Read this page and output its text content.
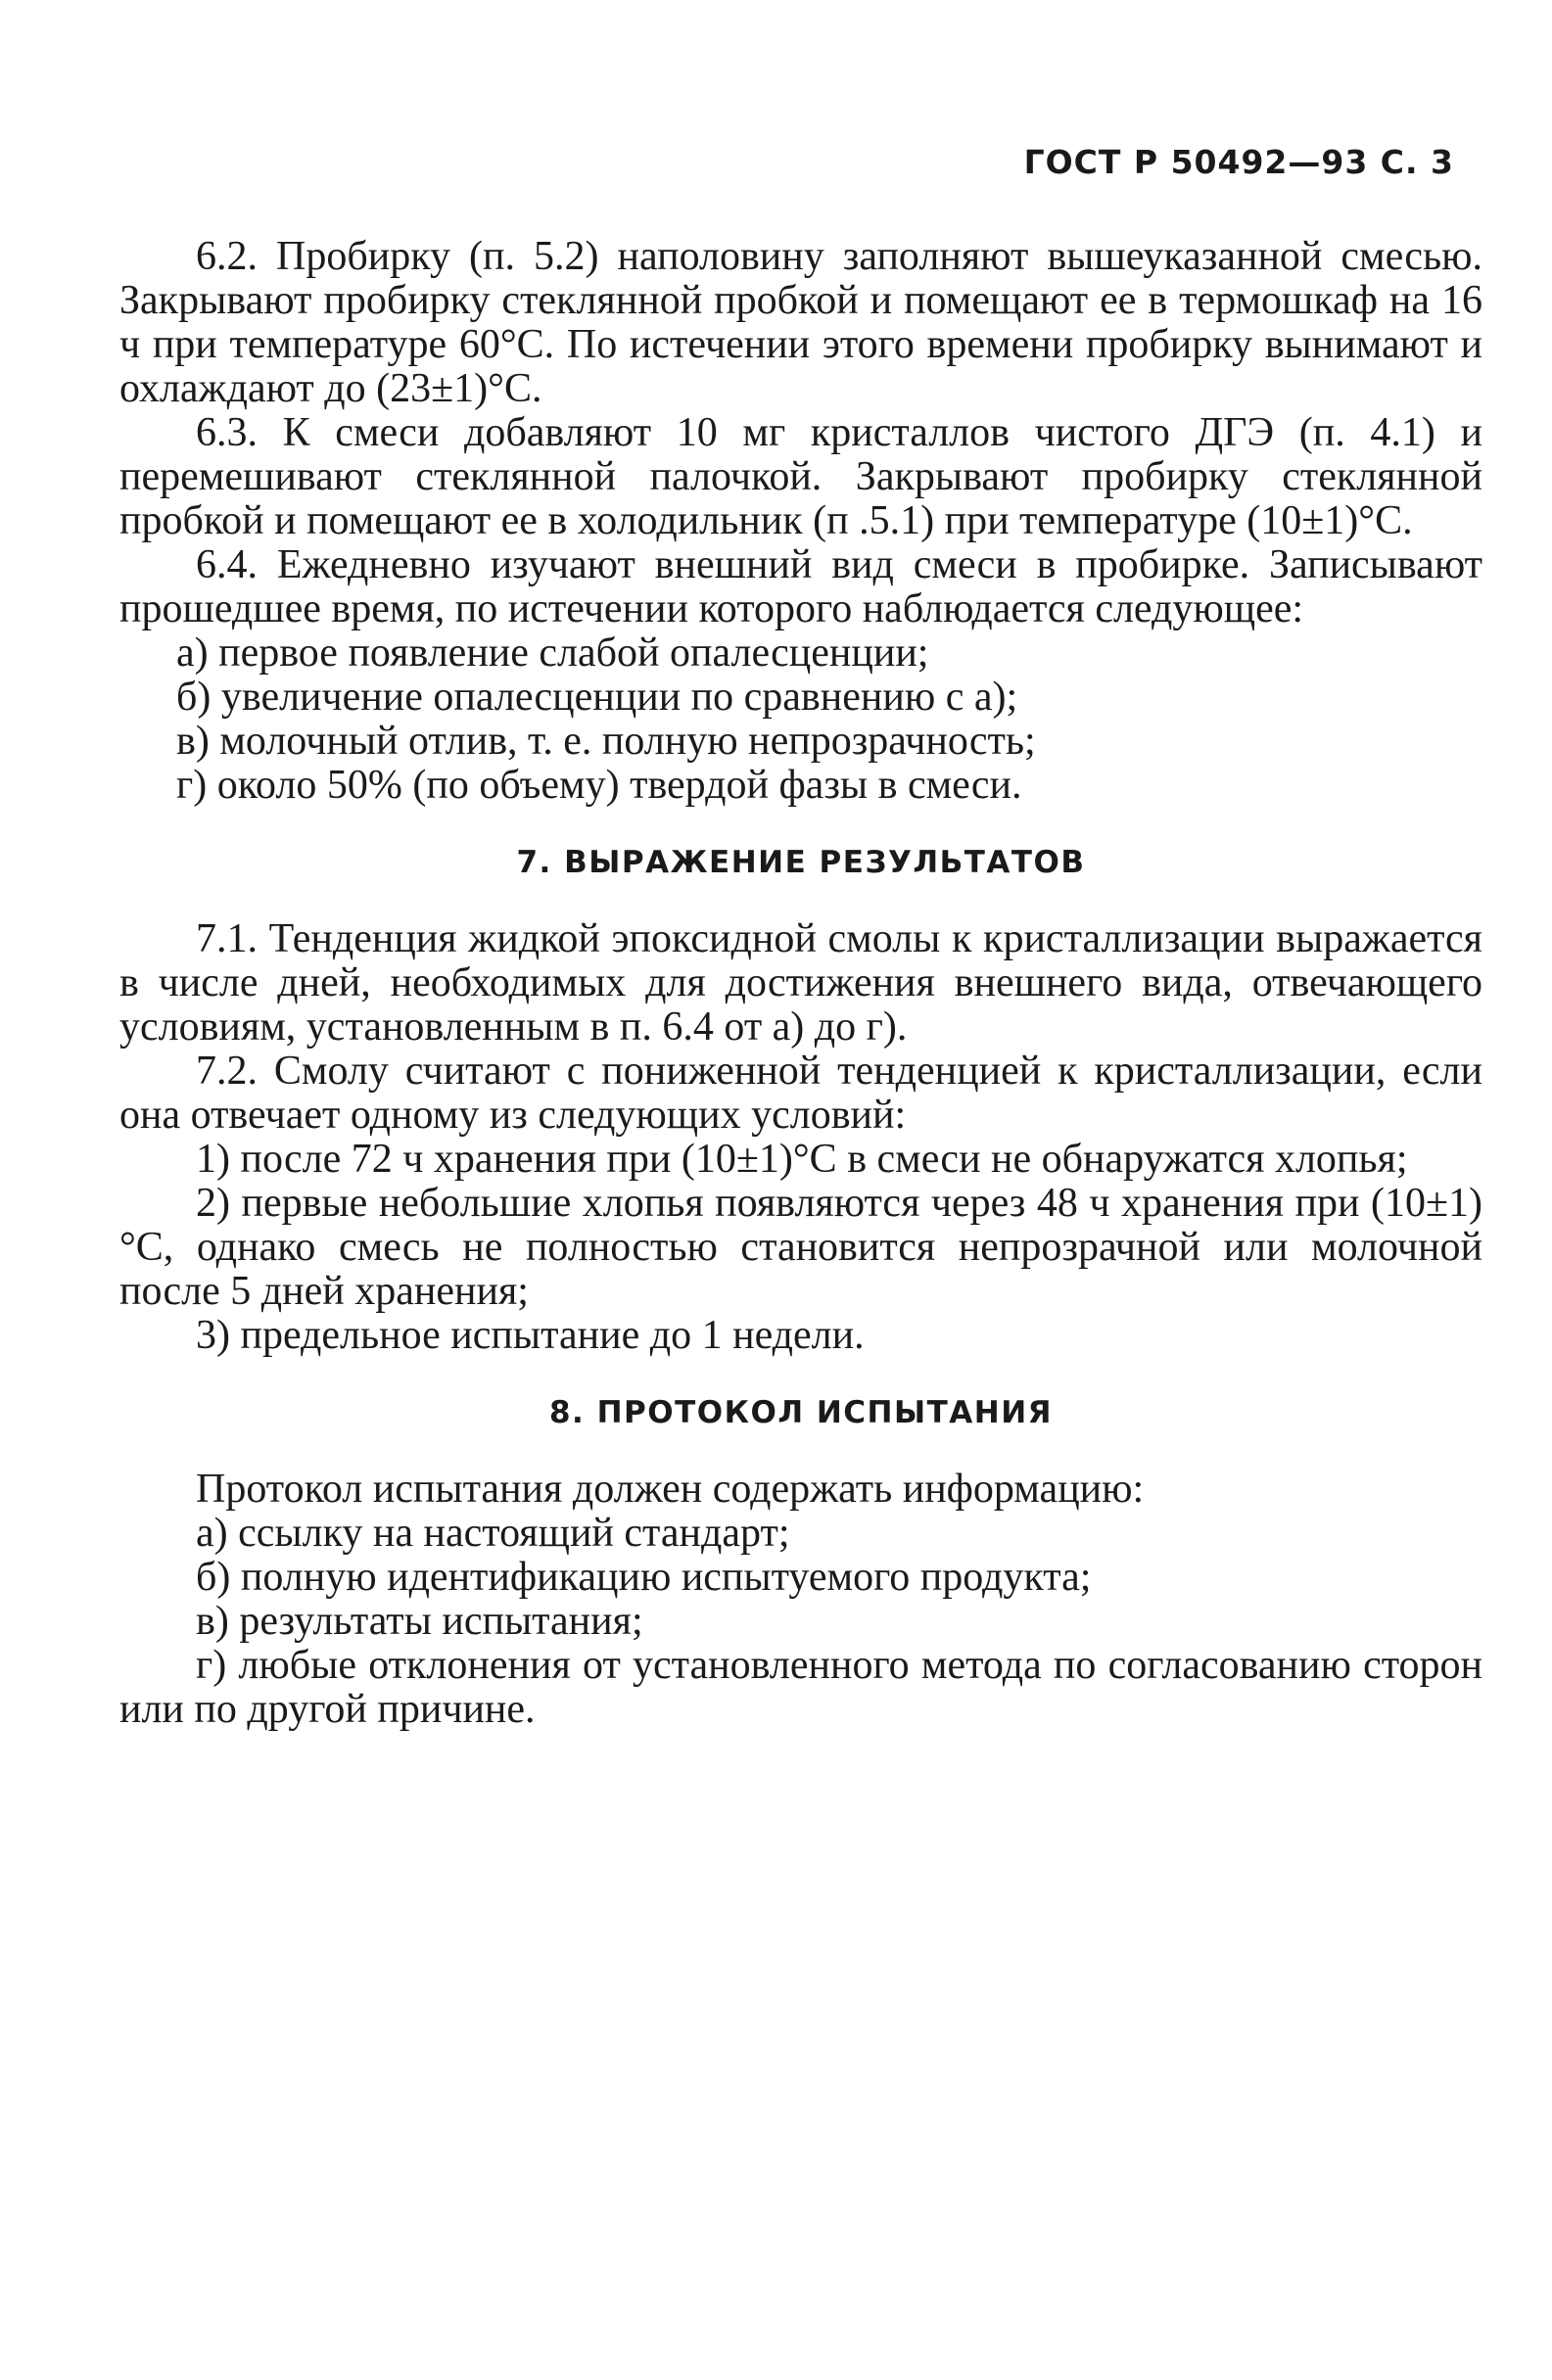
ГОСТ Р 50492—93 С. 3

6.2. Пробирку (п. 5.2) наполовину заполняют вышеуказанной смесью. Закрывают пробирку стеклянной пробкой и помещают ее в термошкаф на 16 ч при температуре 60°С. По истечении этого времени пробирку вынимают и охлаждают до (23±1)°С.

6.3. К смеси добавляют 10 мг кристаллов чистого ДГЭ (п. 4.1) и перемешивают стеклянной палочкой. Закрывают пробирку стеклянной пробкой и помещают ее в холодильник (п .5.1) при температуре (10±1)°С.

6.4. Ежедневно изучают внешний вид смеси в пробирке. Записывают прошедшее время, по истечении которого наблюдается следующее:

а) первое появление слабой опалесценции;

б) увеличение опалесценции по сравнению с а);

в) молочный отлив, т. е. полную непрозрачность;

г) около 50% (по объему) твердой фазы в смеси.

7. ВЫРАЖЕНИЕ РЕЗУЛЬТАТОВ

7.1. Тенденция жидкой эпоксидной смолы к кристаллизации выражается в числе дней, необходимых для достижения внешнего вида, отвечающего условиям, установленным в п. 6.4 от а) до г).

7.2. Смолу считают с пониженной тенденцией к кристаллизации, если она отвечает одному из следующих условий:

1) после 72 ч хранения при (10±1)°С в смеси не обнаружатся хлопья;

2) первые небольшие хлопья появляются через 48 ч хранения при (10±1)°С, однако смесь не полностью становится непрозрачной или молочной после 5 дней хранения;

3) предельное испытание до 1 недели.

8. ПРОТОКОЛ ИСПЫТАНИЯ

Протокол испытания должен содержать информацию:

а) ссылку на настоящий стандарт;

б) полную идентификацию испытуемого продукта;

в) результаты испытания;

г) любые отклонения от установленного метода по согласованию сторон или по другой причине.
